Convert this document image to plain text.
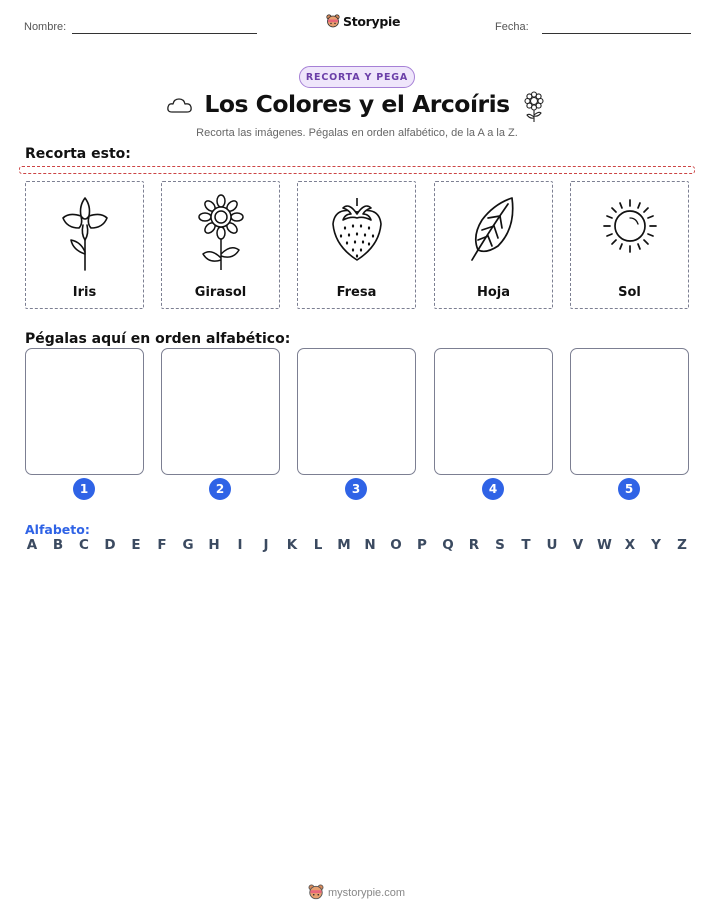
Nombre:	Storypie	Fecha:
RECORTA Y PEGA
Los Colores y el Arcoíris
Recorta las imágenes. Pégalas en orden alfabético, de la A a la Z.
Recorta esto:
Iris	Girasol	Fresa	Hoja	Sol
Pégalas aquí en orden alfabético:
1	2	3	4	5
Alfabeto:
A B C D E F G H	I	J	K L M N O P Q R S T U V W X Y Z
mystorypie.com
